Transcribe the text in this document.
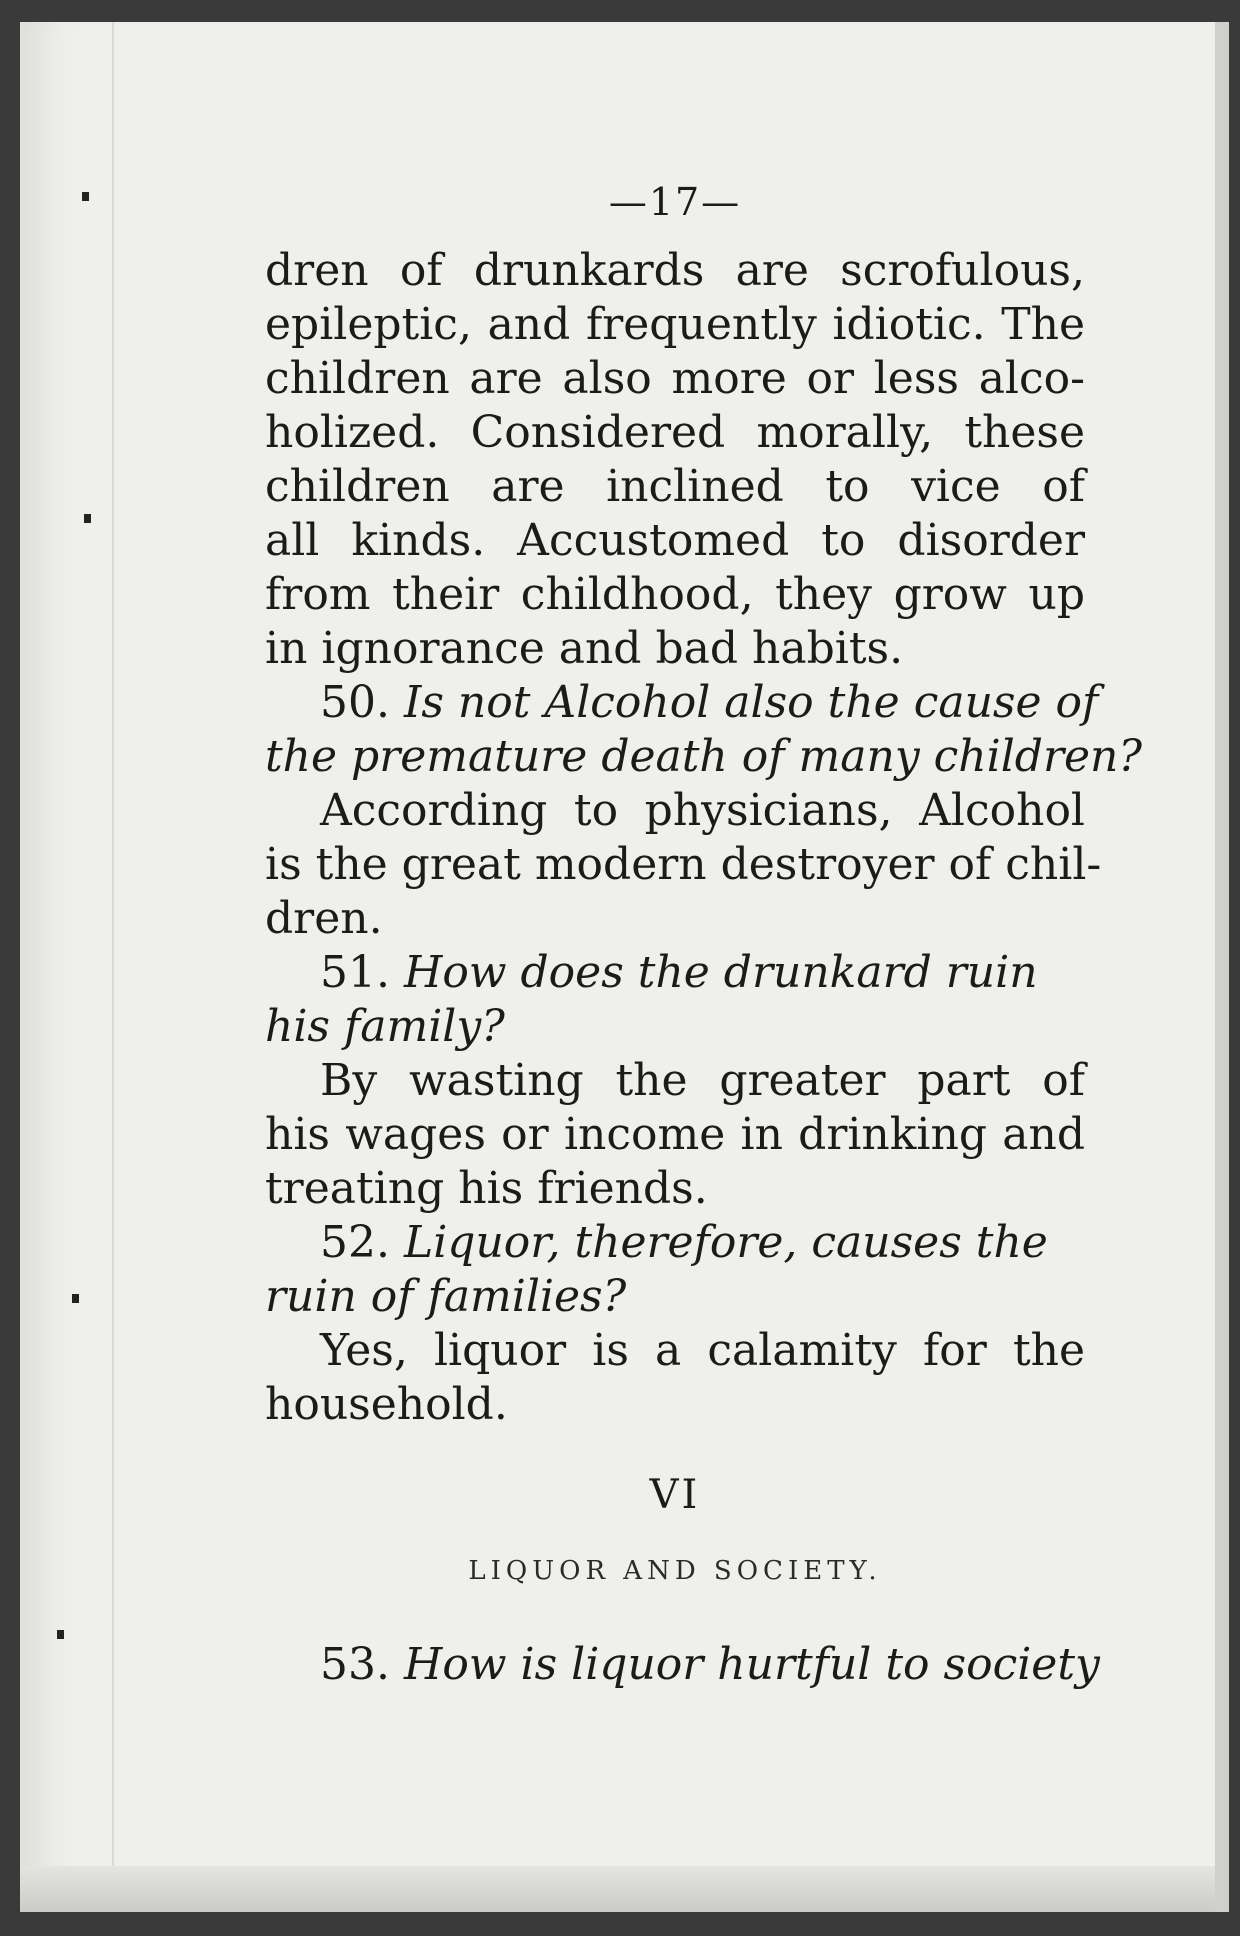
—17—
dren of drunkards are scrofulous,
epileptic, and frequently idiotic. The
children are also more or less alco-
holized. Considered morally, these
children are inclined to vice of
all kinds. Accustomed to disorder
from their childhood, they grow up
in ignorance and bad habits.
50. Is not Alcohol also the cause of
the premature death of many children?
According to physicians, Alcohol
is the great modern destroyer of chil-
dren.
51. How does the drunkard ruin
his family?
By wasting the greater part of
his wages or income in drinking and
treating his friends.
52. Liquor, therefore, causes the
ruin of families?
Yes, liquor is a calamity for the
household.
VI
LIQUOR AND SOCIETY.
53. How is liquor hurtful to society
